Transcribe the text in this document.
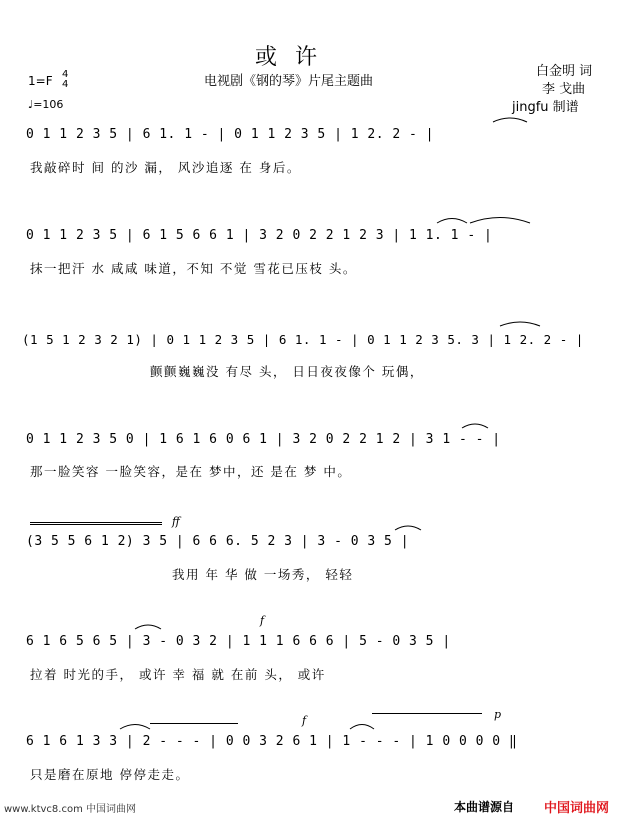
或许
电视剧《钢的琴》片尾主题曲
白金明 词
李 戈曲
jingfu 制谱
1=F 4
4
♩=106
0 1 1 2 3 5 | 6 1. 1 - | 0 1 1 2 3 5 | 1 2. 2 - |
我敲碎时 间 的沙 漏， 风沙追逐 在 身后。
0 1 1 2 3 5 | 6 1 5 6 6 1 | 3 2 0 2 2 1 2 3 | 1 1. 1 - |
抹一把汗 水 咸咸 味道，不知 不觉 雪花已压枝 头。
(1 5 1 2 3 2 1) | 0 1 1 2 3 5 | 6 1. 1 - | 0 1 1 2 3 5. 3 | 1 2. 2 - |
颤颤巍巍没 有尽 头， 日日夜夜像个 玩偶，
0 1 1 2 3 5 0 | 1 6 1 6 0 6 1 | 3 2 0 2 2 1 2 | 3 1 - - |
那一脸笑容 一脸笑容，是在 梦中，还 是在 梦 中。
ff
(3 5 5 6 1 2) 3 5 | 6 6 6. 5 2 3 | 3 - 0 3 5 |
我用 年 华 做 一场秀， 轻轻
f
6 1 6 5 6 5 | 3 - 0 3 2 | 1 1 1 6 6 6 | 5 - 0 3 5 |
拉着 时光的手， 或许 幸 福 就 在前 头， 或许
f	p
6 1 6 1 3 3 | 2 - - - | 0 0 3 2 6 1 | 1 - - - | 1 0 0 0 0 ‖
只是磨在原地 停停走走。
www.ktvc8.com 中国词曲网	本曲谱源自 中国词曲网
